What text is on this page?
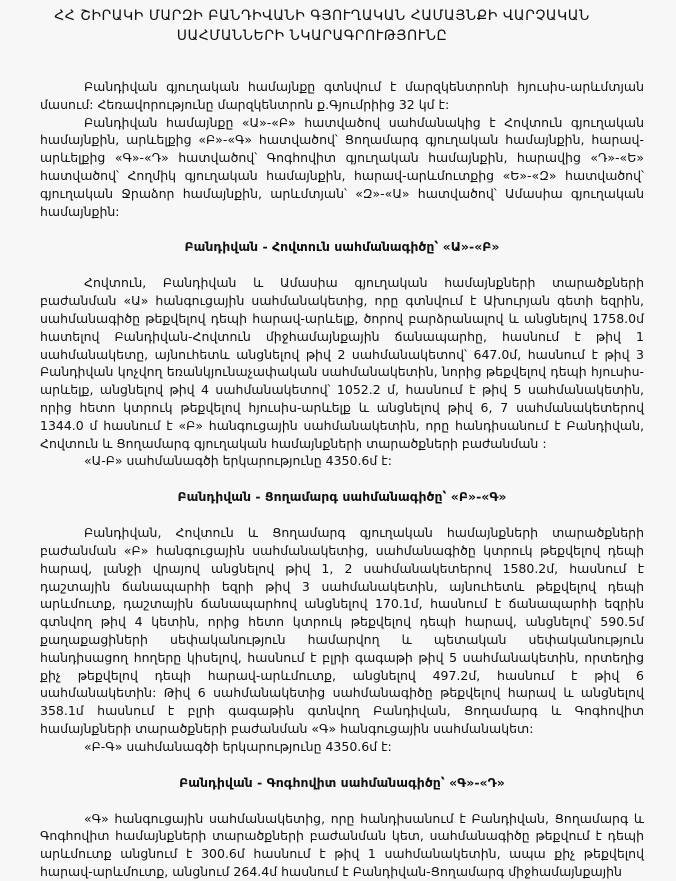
ՀՀ ՇԻՐԱԿԻ ՄԱՐԶԻ ԲԱՆԴԻՎԱՆԻ ԳՅՈՒՂԱԿԱՆ ՀԱՄԱՅՆՔԻ ՎԱՐՉԱԿԱՆ
ՍԱՀՄԱՆՆԵՐԻ ՆԿԱՐԱԳՐՈՒԹՅՈՒՆԸ

Բանդիվան գյուղական համայնքը գտնվում է մարզկենտրոնի հյուսիս-արևմտյան մասում: Հեռավորությունը մարզկենտրոն ք.Գյումրիից 32 կմ է:

Բանդիվան համայնքը «Ա»-«Բ» հատվածով սահմանակից է Հովտուն գյուղական համայնքին, արևելքից «Բ»-«Գ» հատվածով՝ Ցողամարգ գյուղական համայնքին, հարավ-արևելքից «Գ»-«Դ» հատվածով՝ Գոգհովիտ գյուղական համայնքին, հարավից «Դ»-«Ե» հատվածով՝ Հողմիկ գյուղական համայնքին, հարավ-արևմուտքից «Ե»-«Զ» հատվածով՝ գյուղական Ջրաձոր համայնքին, արևմտյան՝ «Զ»-«Ա» հատվածով՝ Ամասիա գյուղական համայնքին:

Բանդիվան - Հովտուն սահմանագիծը՝ «Ա»-«Բ»

Հովտուն, Բանդիվան և Ամասիա գյուղական համայնքների տարածքների բաժանման «Ա» հանգուցային սահմանակետից, որը գտնվում է Ախուրյան գետի եզրին, սահմանագիծը թեքվելով դեպի հարավ-արևելք, ծորով բարձրանալով և անցնելով 1758.0մ հատելով Բանդիվան-Հովտուն միջհամայնքային ճանապարհը, հասնում է թիվ 1 սահմանակետը, այնուհետև անցնելով թիվ 2 սահմանակետով՝ 647.0մ, հասնում է թիվ 3 Բանդիվան կոչվող եռանկյունաչափական սահմանակետին, նորից թեքվելով դեպի հյուսիս-արևելք, անցնելով թիվ 4 սահմանակետով՝ 1052.2 մ, հասնում է թիվ 5 սահմանակետին, որից հետո կտրուկ թեքվելով հյուսիս-արևելք և անցնելով թիվ 6, 7 սահմանակետերով 1344.0 մ հասնում է «Բ» հանգուցային սահմանակետին, որը հանդիսանում է Բանդիվան, Հովտուն և Ցողամարգ գյուղական համայնքների տարածքների բաժանման :

«Ա-Բ» սահմանագծի երկարությունը 4350.6մ է:

Բանդիվան - Ցողամարգ սահմանագիծը՝ «Բ»-«Գ»

Բանդիվան, Հովտուն և Ցողամարգ գյուղական համայնքների տարածքների բաժանման «Բ» հանգուցային սահմանակետից, սահմանագիծը կտրուկ թեքվելով դեպի հարավ, լանջի վրայով անցնելով թիվ 1, 2 սահմանակետերով 1580.2մ, հասնում է դաշտային ճանապարհի եզրի թիվ 3 սահմանակետին, այնուհետև թեքվելով դեպի արևմուտք, դաշտային ճանապարհով անցնելով 170.1մ, հասնում է ճանապարհի եզրին գտնվող թիվ 4 կետին, որից հետո կտրուկ թեքվելով դեպի հարավ, անցնելով՝ 590.5մ քաղաքացիների սեփականություն համարվող և պետական սեփականություն հանդիսացող հողերը կիսելով, հասնում է բլրի գագաթի թիվ 5 սահմանակետին, որտեղից քիչ թեքվելով դեպի հարավ-արևմուտք, անցնելով 497.2մ, հասնում է թիվ 6 սահմանակետին: Թիվ 6 սահմանակետից սահմանագիծը թեքվելով հարավ և անցնելով 358.1մ հասնում է բլրի գագաթին գտնվող Բանդիվան, Ցողամարգ և Գոգհովիտ համայնքների տարածքների բաժանման «Գ» հանգուցային սահմանակետ:

«Բ-Գ» սահմանագծի երկարությունը 4350.6մ է:

Բանդիվան - Գոգհովիտ սահմանագիծը՝ «Գ»-«Դ»

«Գ» հանգուցային սահմանակետից, որը հանդիսանում է Բանդիվան, Ցողամարգ և Գոգհովիտ համայնքների տարածքների բաժանման կետ, սահմանագիծը թեքվում է դեպի արևմուտք անցնում է 300.6մ հասնում է թիվ 1 սահմանակետին, ապա քիչ թեքվելով հարավ-արևմուտք, անցնում 264.4մ հասնում է Բանդիվան-Ցողամարգ միջհամայնքային
